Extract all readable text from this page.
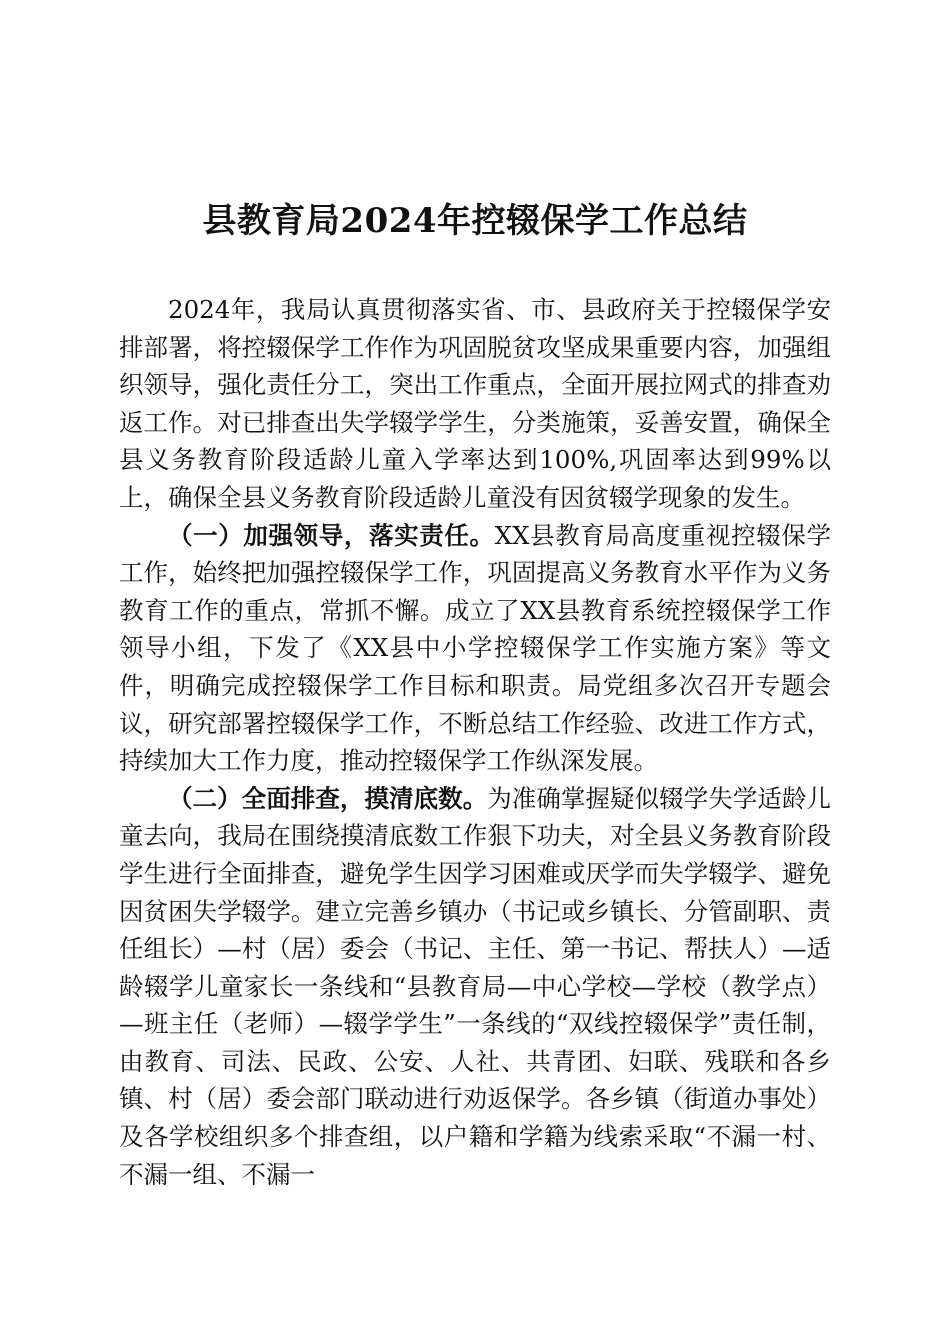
县教育局2024年控辍保学工作总结

2024年，我局认真贯彻落实省、市、县政府关于控辍保学安排部署，将控辍保学工作作为巩固脱贫攻坚成果重要内容，加强组织领导，强化责任分工，突出工作重点，全面开展拉网式的排查劝返工作。对已排查出失学辍学学生，分类施策，妥善安置，确保全县义务教育阶段适龄儿童入学率达到100%,巩固率达到99%以上，确保全县义务教育阶段适龄儿童没有因贫辍学现象的发生。

（一）加强领导，落实责任。XX县教育局高度重视控辍保学工作，始终把加强控辍保学工作，巩固提高义务教育水平作为义务教育工作的重点，常抓不懈。成立了XX县教育系统控辍保学工作领导小组，下发了《XX县中小学控辍保学工作实施方案》等文件，明确完成控辍保学工作目标和职责。局党组多次召开专题会议，研究部署控辍保学工作，不断总结工作经验、改进工作方式，持续加大工作力度，推动控辍保学工作纵深发展。

（二）全面排查，摸清底数。为准确掌握疑似辍学失学适龄儿童去向，我局在围绕摸清底数工作狠下功夫，对全县义务教育阶段学生进行全面排查，避免学生因学习困难或厌学而失学辍学、避免因贫困失学辍学。建立完善乡镇办（书记或乡镇长、分管副职、责任组长）—村（居）委会（书记、主任、第一书记、帮扶人）—适龄辍学儿童家长一条线和“县教育局—中心学校—学校（教学点）—班主任（老师）—辍学学生”一条线的“双线控辍保学”责任制，由教育、司法、民政、公安、人社、共青团、妇联、残联和各乡镇、村（居）委会部门联动进行劝返保学。各乡镇（街道办事处）及各学校组织多个排查组，以户籍和学籍为线索采取“不漏一村、不漏一组、不漏一
